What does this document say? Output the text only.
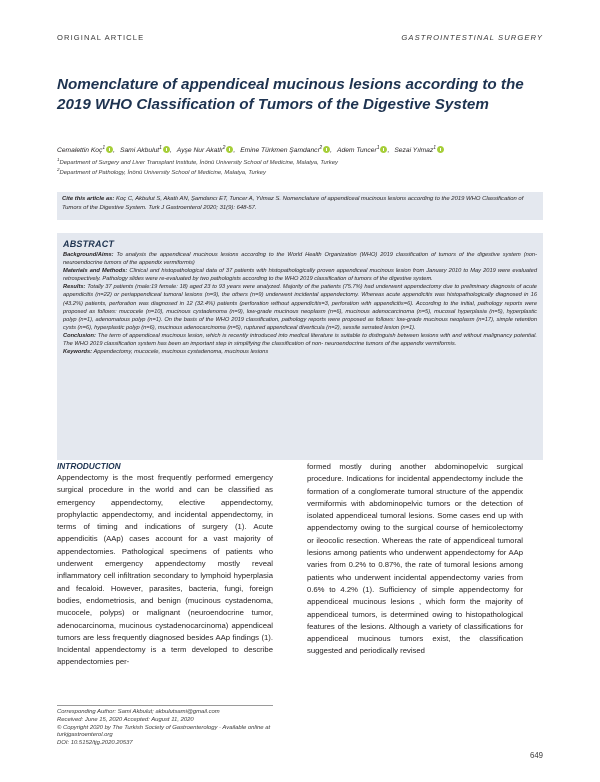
ORIGINAL ARTICLE	GASTROINTESTINAL SURGERY
Nomenclature of appendiceal mucinous lesions according to the 2019 WHO Classification of Tumors of the Digestive System
Cemalettin Koç$^1$ , Sami Akbulut$^1$ , Ayşe Nur Akatlı$^2$ , Emine Türkmen Şamdancı$^2$ , Adem Tuncer$^1$ , Sezai Yılmaz$^1$
$^1$Department of Surgery and Liver Transplant Institute, İnönü University School of Medicine, Malatya, Turkey
$^2$Department of Pathology, İnönü University School of Medicine, Malatya, Turkey
Cite this article as: Koç C, Akbulut S, Akatlı AN, Şamdancı ET, Tuncer A, Yılmaz S. Nomenclature of appendiceal mucinous lesions according to the 2019 WHO Classification of Tumors of the Digestive System. Turk J Gastroenterol 2020; 31(9): 648-57.
ABSTRACT

Background/Aims: To analysis the appendiceal mucinous lesions according to the World Health Organization (WHO) 2019 classification of tumors of the digestive system (non-neuroendocrine tumors of the appendix vermiformis)

Materials and Methods: Clinical and histopathological data of 37 patients with histopathologically proven appendiceal mucinous lesion from January 2010 to May 2019 were evaluated retrospectively. Pathology slides were re-evaluated by two pathologists according to the WHO 2019 classification of tumors of the digestive system.

Results: Totally 37 patients (male:19 female: 18) aged 23 to 93 years were analyzed. Majority of the patients (75.7%) had underwent appendectomy due to preliminary diagnosis of acute appendicitis (n=22) or periappendiceal tumoral lesions (n=9), the others (n=9) underwent incidental appendectomy. Whereas acute appendicitis was histopathologically diagnosed in 16 (43.2%) patients, perforation was diagnosed in 12 (32.4%) patients (perforation without appendicitis=3, perforation with appendicitis=6). According to the initial, pathology reports were proposed as follows: mucocele (n=10), mucinous cystadenoma (n=9), low-grade mucinous neoplasm (n=6), mucinous adenocarcinoma (n=5), mucosal hyperplasia (n=5), hyperplastic polyp (n=1), adenomatous polyp (n=1). On the basis of the WHO 2019 classification, pathology reports were proposed as follows: low-grade mucinous neoplasm (n=17), simple retention cysts (n=6), hyperplastic polyp (n=6), mucinous adenocarcinoma (n=5), ruptured appendiceal diverticula (n=2), sessile serrated lesion (n=1).

Conclusion: The term of appendiceal mucinous lesion, which is recently introduced into medical literature is suitable to distinguish between lesions with and without malignancy potential. The WHO 2019 classification system has been an important step in simplifying the classification of non- neuroendocrine tumors of the appendix vermiformis.

Keywords: Appendectomy, mucocele, mucinous cystadenoma, mucinous lesions

INTRODUCTION

Appendectomy is the most frequently performed emergency surgical procedure in the world and can be classified as emergency appendectomy, elective appendectomy, prophylactic appendectomy, and incidental appendectomy, in terms of timing and indications of surgery (1). Acute appendicitis (AAp) cases account for a vast majority of appendectomies. Pathological specimens of patients who underwent emergency appendectomy mostly reveal inflammatory cell infiltration secondary to lymphoid hyperplasia and fecaloid. However, parasites, bacteria, fungi, foreign bodies, endometriosis, and benign (mucinous cystadenoma, mucocele, polyps) or malignant (neuroendocrine tumor, adenocarcinoma, mucinous cystadenocarcinoma) appendiceal tumors are less frequently diagnosed besides AAp findings (1). Incidental appendectomy is a term developed to describe appendectomies per-

formed mostly during another abdominopelvic surgical procedure. Indications for incidental appendectomy include the formation of a conglomerate tumoral structure of the appendix vermiformis with abdominopelvic tumors or the detection of isolated appendiceal tumoral lesions. Some cases end up with appendectomy owing to the surgical course of hemicolectomy or ileocolic resection. Whereas the rate of appendiceal tumoral lesions among patients who underwent appendectomy for AAp varies from 0.2% to 0.87%, the rate of tumoral lesions among patients who underwent incidental appendectomy varies from 0.6% to 4.2% (1). Sufficiency of simple appendectomy for appendiceal mucinous lesions , which form the majority of appendiceal tumors, is determined owing to histopathological features of the lesions. Although a variety of classifications for appendiceal mucinous tumors exist, the classification suggested and periodically revised

Corresponding Author: Sami Akbulut; akbulutsami@gmail.com
Received: June 15, 2020 Accepted: August 11, 2020
© Copyright 2020 by The Turkish Society of Gastroenterology · Available online at turkjgastroenterol.org
DOI: 10.5152/tjg.2020.20537
649
